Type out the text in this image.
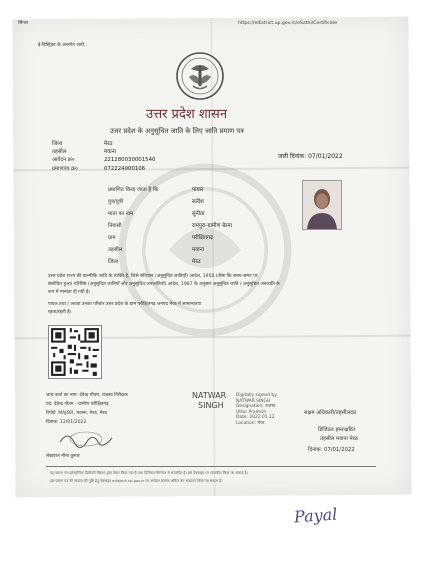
सिंगल	https://edistrict.up.gov.in/eSathi/Certificate
ई-डिस्ट्रिक्ट के अन्तर्गत जारी..
उत्तर प्रदेश शासन
उत्तर प्रदेश के अनुसूचित जाति के लिए जाति प्रमाण पत्र
जिला	मेरठ
तहसील	मवाना
आवेदन क्र०	221280030001540
प्रमाणपत्र क्र०	072224000106
जारी दिनांक: 07/01/2022
प्रमाणित किया जाता है कि	पायल
पुत्र/पुत्री	सतीश
माता का नाम	सुनीता
निवासी	रामपुरा-ग्रामीण बेरमा
ग्राम	परीक्षितगढ़
तहसील	मवाना
जिला	मेरठ
उत्तर प्रदेश राज्य की वाल्मीकि जाति के व्यक्ति है, जिसे संविधान (अनुसूचित जातियाँ) आदेश, 1950 (जैसा कि समय-समय पर
संशोधित हुआ) परिशिष्ट (अनुसूचित जातियाँ और अनुसूचित जनजातियाँ) आदेश, 1967 के अनुसार अनुसूचित जाति / अनुसूचित जनजाति के
रूप में मान्यता दी गयी है।
पायल तथा / अथवा उनका परिवार उत्तर प्रदेश के ग्राम परीक्षितगढ़ जनपद मेरठ में सामान्यतया
रहता/रहती है।
जांच कर्ता का नाम: देवेन्द्र गौतम, राजस्व निरीक्षक
पद: देवेन्द्र गौतम - ग्रामीण परीक्षितगढ़
रिपोर्ट: MAJOR, मवाना, मेरठ, मेरठ
दिनांक: 12/01/2022
लेखपाल मीना कुमार
NATWAR
SINGH
Digitally signed by
NATWAR SINGH
Designation: राजस्व
Uttar Pradesh
Date: 2022.01.12
Location: मेरठ
सक्षम अधिकारी/तहसीलदार
डिजिटल हस्ताक्षरित
तहसील मवाना मेरठ
दिनांक: 07/01/2022
यह प्रमाण पत्र इलेक्ट्रॉनिक डिलीवरी सिस्टम द्वारा तैयार किया गया है तथा डिजिटल सिग्नेचर से सत्यापित है। इसे वेबसाइट पर सत्यापित किया जा सकता है।
इस प्रमाण पत्र की सत्यता की पुष्टि हेतु वेबसाइट edistrict.up.gov.in पर आवेदन क्रमांक अंकित कर सत्यापन किया जा सकता है।
Payal
